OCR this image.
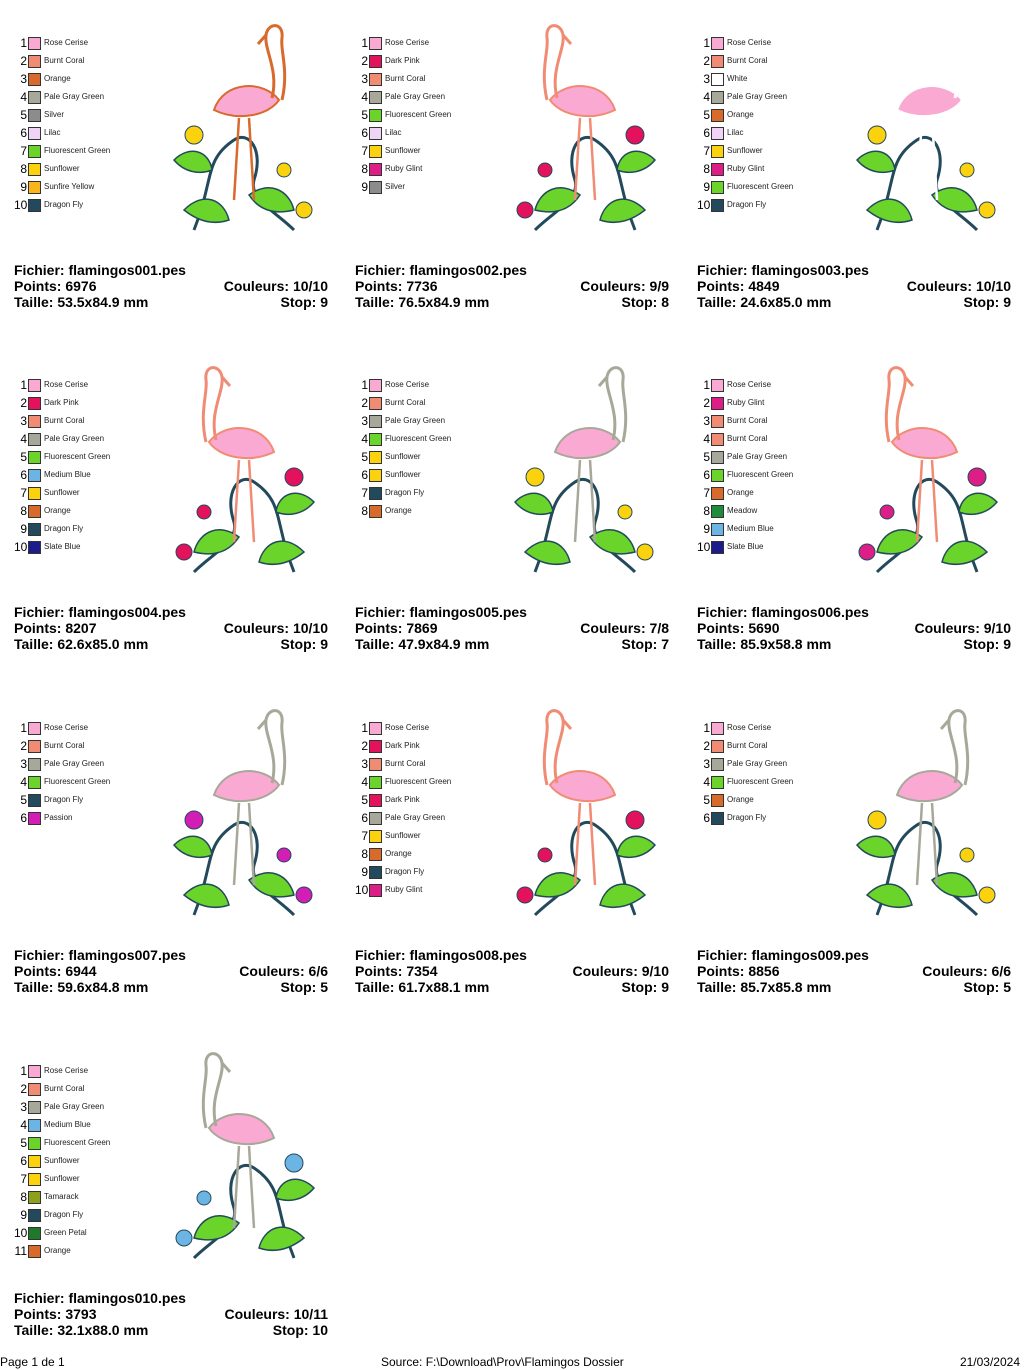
1 Rose Cerise
2 Burnt Coral
3 Orange
4 Pale Gray Green
5 Silver
6 Lilac
7 Fluorescent Green
8 Sunflower
9 Sunfire Yellow
10 Dragon Fly
Fichier: flamingos001.pes
Points: 6976	Couleurs: 10/10
Taille: 53.5x84.9 mm	Stop: 9
1 Rose Cerise
2 Dark Pink
3 Burnt Coral
4 Pale Gray Green
5 Fluorescent Green
6 Lilac
7 Sunflower
8 Ruby Glint
9 Silver
Fichier: flamingos002.pes
Points: 7736	Couleurs: 9/9
Taille: 76.5x84.9 mm	Stop: 8
1 Rose Cerise
2 Burnt Coral
3 White
4 Pale Gray Green
5 Orange
6 Lilac
7 Sunflower
8 Ruby Glint
9 Fluorescent Green
10 Dragon Fly
Fichier: flamingos003.pes
Points: 4849	Couleurs: 10/10
Taille: 24.6x85.0 mm	Stop: 9
1 Rose Cerise
2 Dark Pink
3 Burnt Coral
4 Pale Gray Green
5 Fluorescent Green
6 Medium Blue
7 Sunflower
8 Orange
9 Dragon Fly
10 Slate Blue
Fichier: flamingos004.pes
Points: 8207	Couleurs: 10/10
Taille: 62.6x85.0 mm	Stop: 9
1 Rose Cerise
2 Burnt Coral
3 Pale Gray Green
4 Fluorescent Green
5 Sunflower
6 Sunflower
7 Dragon Fly
8 Orange
Fichier: flamingos005.pes
Points: 7869	Couleurs: 7/8
Taille: 47.9x84.9 mm	Stop: 7
1 Rose Cerise
2 Ruby Glint
3 Burnt Coral
4 Burnt Coral
5 Pale Gray Green
6 Fluorescent Green
7 Orange
8 Meadow
9 Medium Blue
10 Slate Blue
Fichier: flamingos006.pes
Points: 5690	Couleurs: 9/10
Taille: 85.9x58.8 mm	Stop: 9
1 Rose Cerise
2 Burnt Coral
3 Pale Gray Green
4 Fluorescent Green
5 Dragon Fly
6 Passion
Fichier: flamingos007.pes
Points: 6944	Couleurs: 6/6
Taille: 59.6x84.8 mm	Stop: 5
1 Rose Cerise
2 Dark Pink
3 Burnt Coral
4 Fluorescent Green
5 Dark Pink
6 Pale Gray Green
7 Sunflower
8 Orange
9 Dragon Fly
10 Ruby Glint
Fichier: flamingos008.pes
Points: 7354	Couleurs: 9/10
Taille: 61.7x88.1 mm	Stop: 9
1 Rose Cerise
2 Burnt Coral
3 Pale Gray Green
4 Fluorescent Green
5 Orange
6 Dragon Fly
Fichier: flamingos009.pes
Points: 8856	Couleurs: 6/6
Taille: 85.7x85.8 mm	Stop: 5
1 Rose Cerise
2 Burnt Coral
3 Pale Gray Green
4 Medium Blue
5 Fluorescent Green
6 Sunflower
7 Sunflower
8 Tamarack
9 Dragon Fly
10 Green Petal
11 Orange
Fichier: flamingos010.pes
Points: 3793	Couleurs: 10/11
Taille: 32.1x88.0 mm	Stop: 10
Page 1 de 1	Source: F:\Download\Prov\Flamingos Dossier	21/03/2024
